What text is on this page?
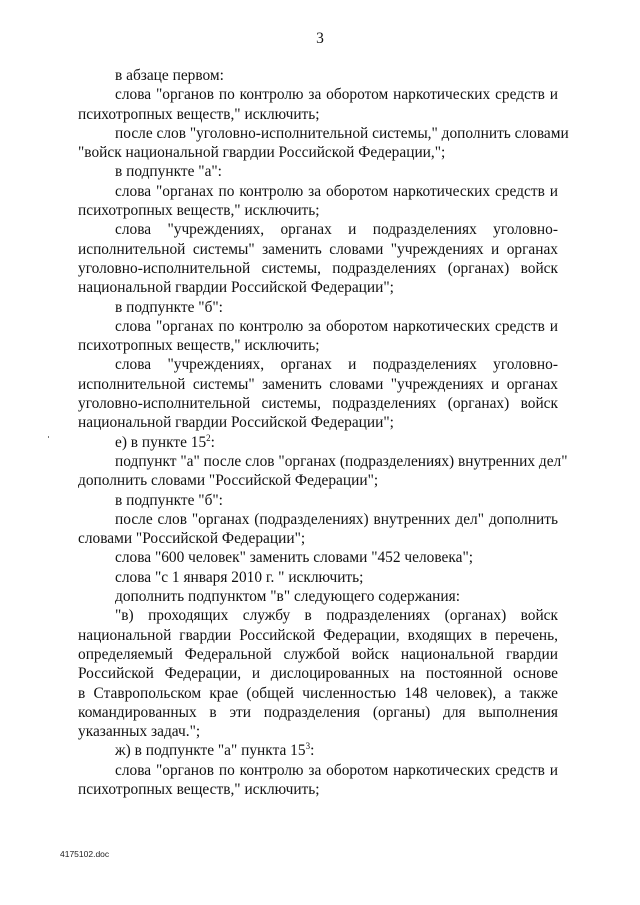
3
в абзаце первом:
слова "органов по контролю за оборотом наркотических средств и
психотропных веществ," исключить;
после слов "уголовно-исполнительной системы," дополнить словами
"войск национальной гвардии Российской Федерации,";
в подпункте "а":
слова "органах по контролю за оборотом наркотических средств и
психотропных веществ," исключить;
слова "учреждениях, органах и подразделениях уголовно-
исполнительной системы" заменить словами "учреждениях и органах
уголовно-исполнительной системы, подразделениях (органах) войск
национальной гвардии Российской Федерации";
в подпункте "б":
слова "органах по контролю за оборотом наркотических средств и
психотропных веществ," исключить;
слова "учреждениях, органах и подразделениях уголовно-
исполнительной системы" заменить словами "учреждениях и органах
уголовно-исполнительной системы, подразделениях (органах) войск
национальной гвардии Российской Федерации";
е) в пункте $15^2$:
подпункт "а" после слов "органах (подразделениях) внутренних дел"
дополнить словами "Российской Федерации";
в подпункте "б":
после слов "органах (подразделениях) внутренних дел" дополнить
словами "Российской Федерации";
слова "600 человек" заменить словами "452 человека";
слова "с 1 января 2010 г. " исключить;
дополнить подпунктом "в" следующего содержания:
"в) проходящих службу в подразделениях (органах) войск
национальной гвардии Российской Федерации, входящих в перечень,
определяемый Федеральной службой войск национальной гвардии
Российской Федерации, и дислоцированных на постоянной основе
в Ставропольском крае (общей численностью 148 человек), а также
командированных в эти подразделения (органы) для выполнения
указанных задач.";
ж) в подпункте "а" пункта $15^3$:
слова "органов по контролю за оборотом наркотических средств и
психотропных веществ," исключить;
4175102.doc
